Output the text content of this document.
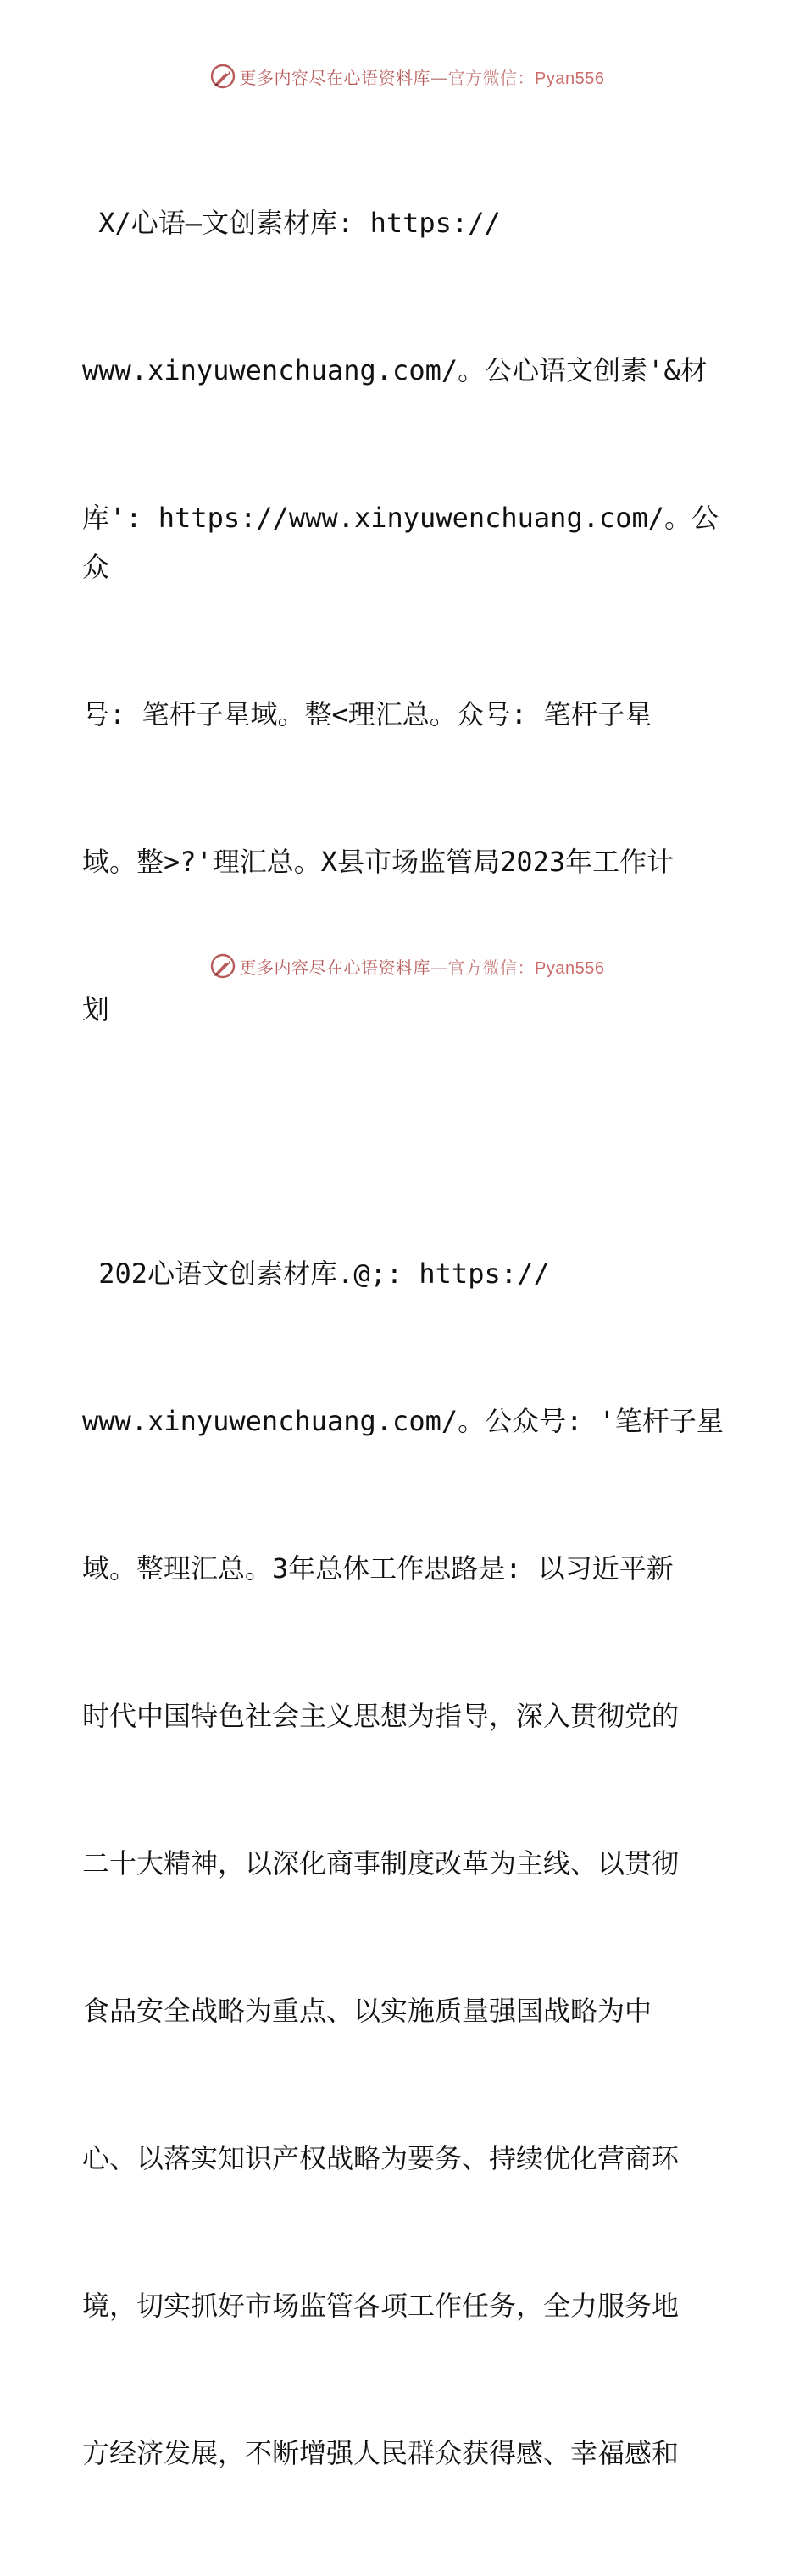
更多内容尽在心语资料库—官方微信：Pyan556

X/心语—文创素材库: https://

www.xinyuwenchuang.com/。公心语文创素'&材

库': https://www.xinyuwenchuang.com/。公众

号: 笔杆子星域。整<理汇总。众号: 笔杆子星

域。整>?'理汇总。X县市场监管局2023年工作计

划

202心语文创素材库.@;: https://

www.xinyuwenchuang.com/。公众号: '笔杆子星

域。整理汇总。3年总体工作思路是: 以习近平新

时代中国特色社会主义思想为指导，深入贯彻党的

二十大精神，以深化商事制度改革为主线、以贯彻

食品安全战略为重点、以实施质量强国战略为中

心、以落实知识产权战略为要务、持续优化营商环

境，切实抓好市场监管各项工作任务，全力服务地

方经济发展，不断增强人民群众获得感、幸福感和

更多内容尽在心语资料库—官方微信：Pyan556
